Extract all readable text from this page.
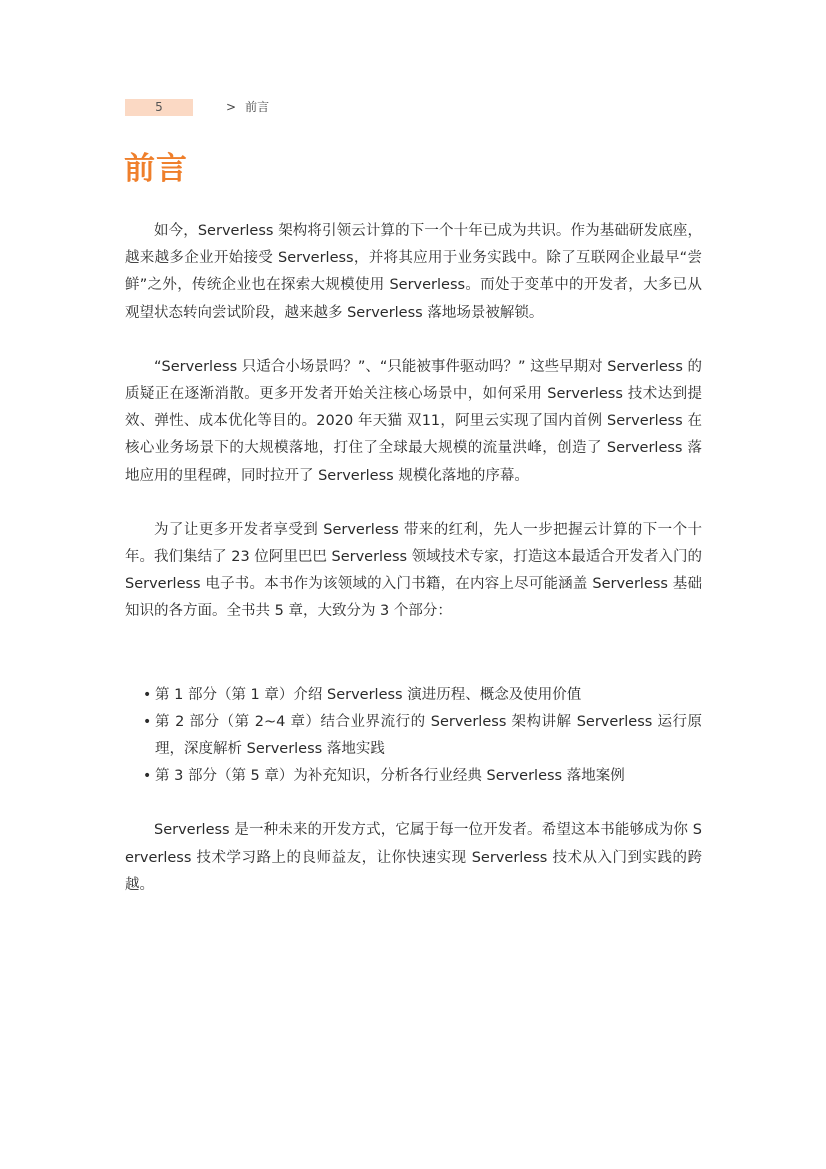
5	> 前言
前言

如今，Serverless 架构将引领云计算的下一个十年已成为共识。作为基础研发底座，越来越多企业开始接受 Serverless，并将其应用于业务实践中。除了互联网企业最早“尝鲜”之外，传统企业也在探索大规模使用 Serverless。而处于变革中的开发者，大多已从观望状态转向尝试阶段，越来越多 Serverless 落地场景被解锁。

“Serverless 只适合小场景吗？”、“只能被事件驱动吗？” 这些早期对 Serverless 的质疑正在逐渐消散。更多开发者开始关注核心场景中，如何采用 Serverless 技术达到提效、弹性、成本优化等目的。2020 年天猫 双11，阿里云实现了国内首例 Serverless 在核心业务场景下的大规模落地，打住了全球最大规模的流量洪峰，创造了 Serverless 落地应用的里程碑，同时拉开了 Serverless 规模化落地的序幕。

为了让更多开发者享受到 Serverless 带来的红利，先人一步把握云计算的下一个十年。我们集结了 23 位阿里巴巴 Serverless 领域技术专家，打造这本最适合开发者入门的 Serverless 电子书。本书作为该领域的入门书籍，在内容上尽可能涵盖 Serverless 基础知识的各方面。全书共 5 章，大致分为 3 个部分：

• 第 1 部分（第 1 章）介绍 Serverless 演进历程、概念及使用价值
• 第 2 部分（第 2~4 章）结合业界流行的 Serverless 架构讲解 Serverless 运行原理，深度解析 Serverless 落地实践
• 第 3 部分（第 5 章）为补充知识，分析各行业经典 Serverless 落地案例

Serverless 是一种未来的开发方式，它属于每一位开发者。希望这本书能够成为你 Serverless 技术学习路上的良师益友，让你快速实现 Serverless 技术从入门到实践的跨越。
